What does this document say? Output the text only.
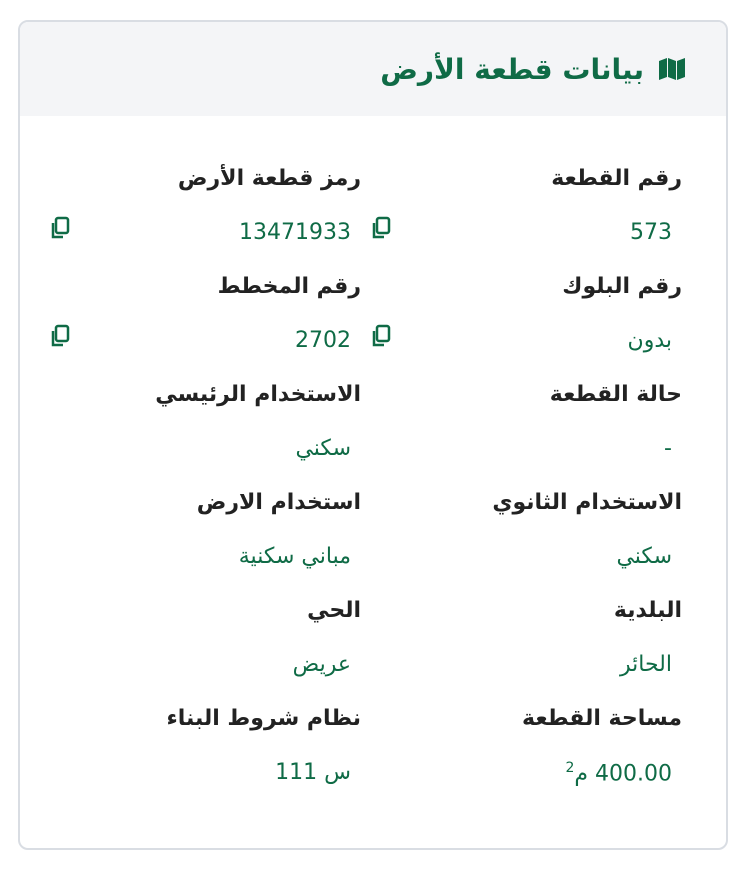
بيانات قطعة الأرض
رقم القطعة
573
رمز قطعة الأرض
13471933
رقم البلوك
بدون
رقم المخطط
2702
حالة القطعة
-
الاستخدام الرئيسي
سكني
الاستخدام الثانوي
سكني
استخدام الارض
مباني سكنية
البلدية
الحائر
الحي
عريض
مساحة القطعة
400.00 م$^2$
نظام شروط البناء
س 111
